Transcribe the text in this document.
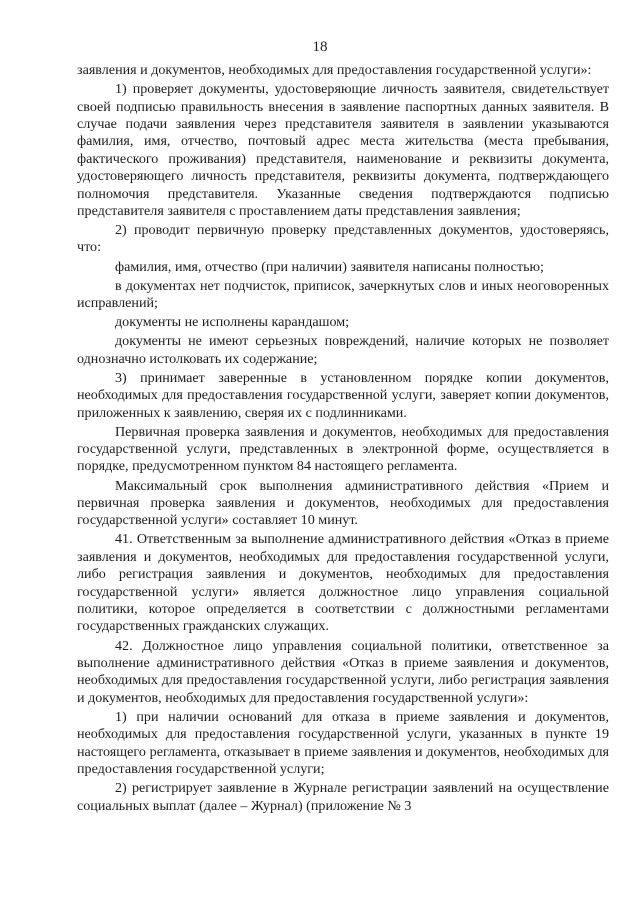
18

заявления и документов, необходимых для предоставления государственной услуги»:

1) проверяет документы, удостоверяющие личность заявителя, свидетельствует своей подписью правильность внесения в заявление паспортных данных заявителя. В случае подачи заявления через представителя заявителя в заявлении указываются фамилия, имя, отчество, почтовый адрес места жительства (места пребывания, фактического проживания) представителя, наименование и реквизиты документа, удостоверяющего личность представителя, реквизиты документа, подтверждающего полномочия представителя. Указанные сведения подтверждаются подписью представителя заявителя с проставлением даты представления заявления;

2) проводит первичную проверку представленных документов, удостоверяясь, что:

фамилия, имя, отчество (при наличии) заявителя написаны полностью;

в документах нет подчисток, приписок, зачеркнутых слов и иных неоговоренных исправлений;

документы не исполнены карандашом;

документы не имеют серьезных повреждений, наличие которых не позволяет однозначно истолковать их содержание;

3) принимает заверенные в установленном порядке копии документов, необходимых для предоставления государственной услуги, заверяет копии документов, приложенных к заявлению, сверяя их с подлинниками.

Первичная проверка заявления и документов, необходимых для предоставления государственной услуги, представленных в электронной форме, осуществляется в порядке, предусмотренном пунктом 84 настоящего регламента.

Максимальный срок выполнения административного действия «Прием и первичная проверка заявления и документов, необходимых для предоставления государственной услуги» составляет 10 минут.

41. Ответственным за выполнение административного действия «Отказ в приеме заявления и документов, необходимых для предоставления государственной услуги, либо регистрация заявления и документов, необходимых для предоставления государственной услуги» является должностное лицо управления социальной политики, которое определяется в соответствии с должностными регламентами государственных гражданских служащих.

42. Должностное лицо управления социальной политики, ответственное за выполнение административного действия «Отказ в приеме заявления и документов, необходимых для предоставления государственной услуги, либо регистрация заявления и документов, необходимых для предоставления государственной услуги»:

1) при наличии оснований для отказа в приеме заявления и документов, необходимых для предоставления государственной услуги, указанных в пункте 19 настоящего регламента, отказывает в приеме заявления и документов, необходимых для предоставления государственной услуги;

2) регистрирует заявление в Журнале регистрации заявлений на осуществление социальных выплат (далее – Журнал) (приложение № 3
